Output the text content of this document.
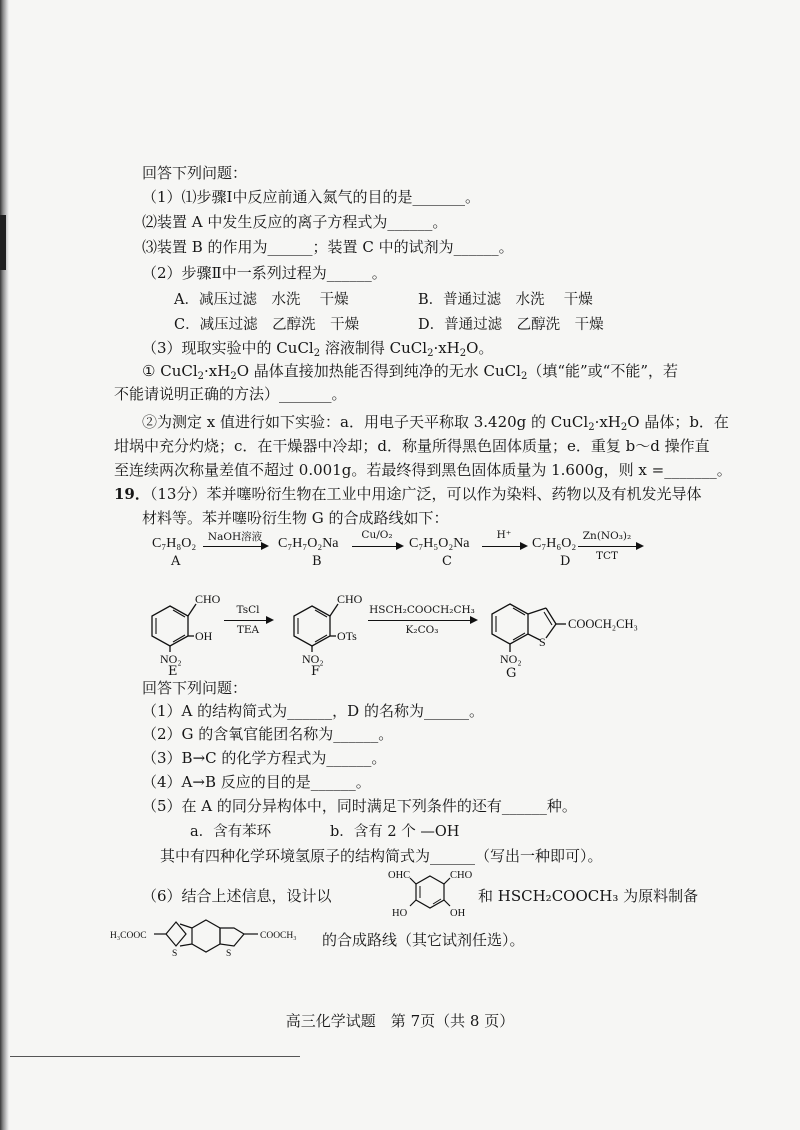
回答下列问题：
（1）⑴步骤Ⅰ中反应前通入氮气的目的是_______。
⑵装置 A 中发生反应的离子方程式为______。
⑶装置 B 的作用为______；装置 C 中的试剂为______。
（2）步骤Ⅱ中一系列过程为______。
A．减压过滤　水洗　 干燥	B．普通过滤　水洗　 干燥
C．减压过滤　乙醇洗　干燥	D．普通过滤　乙醇洗　干燥
（3）现取实验中的 CuCl$_2$ 溶液制得 $CuCl_2\cdot xH_2O$。
① $CuCl_2\cdot xH_2O$ 晶体直接加热能否得到纯净的无水 CuCl$_2$（填“能”或“不能”，若
不能请说明正确的方法）_______。
②为测定 x 值进行如下实验：a．用电子天平称取 3.420g 的 $CuCl_2\cdot xH_2O$ 晶体；b．在
坩埚中充分灼烧；c．在干燥器中冷却；d．称量所得黑色固体质量；e．重复 b～d 操作直
至连续两次称量差值不超过 0.001g。若最终得到黑色固体质量为 1.600g，则 x =_______。
19．（13分）苯并噻吩衍生物在工业中用途广泛，可以作为染料、药物以及有机发光导体
材料等。苯并噻吩衍生物 G 的合成路线如下：
C₇H₈O₂
A
NaOH溶液	C₇H₇O₂Na
B
Cu/O₂
C₇H₅O₂Na
C
H⁺
C₇H₆O₂
D
Zn(NO₃)₂
TCT
CHO
OH
NO₂
E
TsCl
TEA
CHO
OTs
NO₂
F
HSCH₂COOCH₂CH₃
K₂CO₃
S
COOCH₂CH₃
NO₂
G
回答下列问题：
（1）A 的结构简式为______，D 的名称为______。
（2）G 的含氧官能团名称为______。
（3）B→C 的化学方程式为______。
（4）A→B 反应的目的是______。
（5）在 A 的同分异构体中，同时满足下列条件的还有______种。
a．含有苯环	b．含有 2 个 —OH
其中有四种化学环境氢原子的结构简式为______（写出一种即可）。
（6）结合上述信息，设计以
OHC	CHO
HO	OH
和 HSCH₂COOCH₃ 为原料制备
H₃COOC
S	S
COOCH₃ 的合成路线（其它试剂任选）。
高三化学试题　第 7页（共 8 页）
